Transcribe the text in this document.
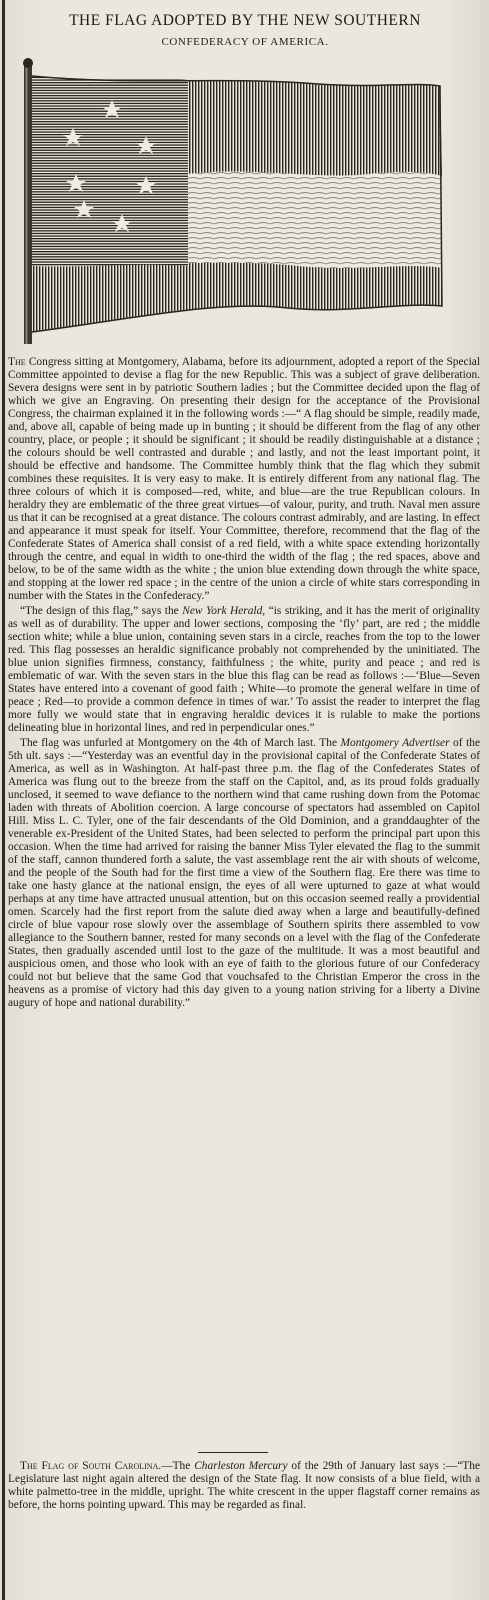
THE FLAG ADOPTED BY THE NEW SOUTHERN
CONFEDERACY OF AMERICA.

The Congress sitting at Montgomery, Alabama, before its adjournment, adopted a report of the Special Committee appointed to devise a flag for the new Republic. This was a subject of grave deliberation. Severa designs were sent in by patriotic Southern ladies ; but the Committee decided upon the flag of which we give an Engraving. On presenting their design for the acceptance of the Provisional Congress, the chairman explained it in the following words :—“ A flag should be simple, readily made, and, above all, capable of being made up in bunting ; it should be different from the flag of any other country, place, or people ; it should be significant ; it should be readily distinguishable at a distance ; the colours should be well contrasted and durable ; and lastly, and not the least important point, it should be effective and handsome. The Committee humbly think that the flag which they submit combines these requisites. It is very easy to make. It is entirely different from any national flag. The three colours of which it is composed—red, white, and blue—are the true Republican colours. In heraldry they are emblematic of the three great virtues—of valour, purity, and truth. Naval men assure us that it can be recognised at a great distance. The colours contrast admirably, and are lasting. In effect and appearance it must speak for itself. Your Committee, therefore, recommend that the flag of the Confederate States of America shall consist of a red field, with a white space extending horizontally through the centre, and equal in width to one-third the width of the flag ; the red spaces, above and below, to be of the same width as the white ; the union blue extending down through the white space, and stopping at the lower red space ; in the centre of the union a circle of white stars corresponding in number with the States in the Confederacy.”

“The design of this flag,” says the New York Herald, “is striking, and it has the merit of originality as well as of durability. The upper and lower sections, composing the ‘fly’ part, are red ; the middle section white; while a blue union, containing seven stars in a circle, reaches from the top to the lower red. This flag possesses an heraldic significance probably not comprehended by the uninitiated. The blue union signifies firmness, constancy, faithfulness ; the white, purity and peace ; and red is emblematic of war. With the seven stars in the blue this flag can be read as follows :—‘Blue—Seven States have entered into a covenant of good faith ; White—to promote the general welfare in time of peace ; Red—to provide a common defence in times of war.’ To assist the reader to interpret the flag more fully we would state that in engraving heraldic devices it is rulable to make the portions delineating blue in horizontal lines, and red in perpendicular ones.”

The flag was unfurled at Montgomery on the 4th of March last. The Montgomery Advertiser of the 5th ult. says :—“Yesterday was an eventful day in the provisional capital of the Confederate States of America, as well as in Washington. At half-past three p.m. the flag of the Confederates States of America was flung out to the breeze from the staff on the Capitol, and, as its proud folds gradually unclosed, it seemed to wave defiance to the northern wind that came rushing down from the Potomac laden with threats of Abolition coercion. A large concourse of spectators had assembled on Capitol Hill. Miss L. C. Tyler, one of the fair descendants of the Old Dominion, and a granddaughter of the venerable ex-President of the United States, had been selected to perform the principal part upon this occasion. When the time had arrived for raising the banner Miss Tyler elevated the flag to the summit of the staff, cannon thundered forth a salute, the vast assemblage rent the air with shouts of welcome, and the people of the South had for the first time a view of the Southern flag. Ere there was time to take one hasty glance at the national ensign, the eyes of all were upturned to gaze at what would perhaps at any time have attracted unusual attention, but on this occasion seemed really a providential omen. Scarcely had the first report from the salute died away when a large and beautifully-defined circle of blue vapour rose slowly over the assemblage of Southern spirits there assembled to vow allegiance to the Southern banner, rested for many seconds on a level with the flag of the Confederate States, then gradually ascended until lost to the gaze of the multitude. It was a most beautiful and auspicious omen, and those who look with an eye of faith to the glorious future of our Confederacy could not but believe that the same God that vouchsafed to the Christian Emperor the cross in the heavens as a promise of victory had this day given to a young nation striving for a liberty a Divine augury of hope and national durability.”

The Flag of South Carolina.—The Charleston Mercury of the 29th of January last says :—“The Legislature last night again altered the design of the State flag. It now consists of a blue field, with a white palmetto-tree in the middle, upright. The white crescent in the upper flagstaff corner remains as before, the horns pointing upward. This may be regarded as final.
